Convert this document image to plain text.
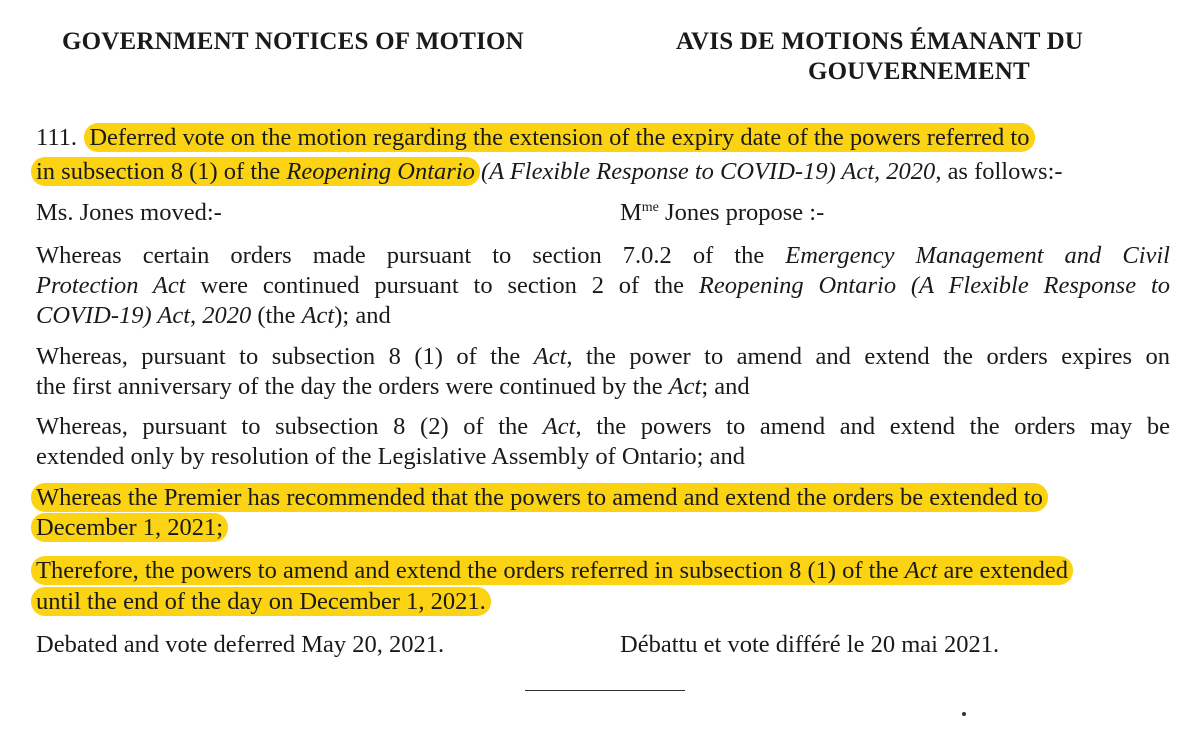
GOVERNMENT NOTICES OF MOTION	AVIS DE MOTIONS ÉMANANT DU
GOUVERNEMENT
111. Deferred vote on the motion regarding the extension of the expiry date of the powers referred to
in subsection 8 (1) of the Reopening Ontario (A Flexible Response to COVID-19) Act, 2020, as follows:-
Ms. Jones moved:-	$M^{me}$ Jones propose :-
Whereas certain orders made pursuant to section 7.0.2 of the Emergency Management and Civil
Protection Act were continued pursuant to section 2 of the Reopening Ontario (A Flexible Response to
COVID-19) Act, 2020 (the Act); and
Whereas, pursuant to subsection 8 (1) of the Act, the power to amend and extend the orders expires on
the first anniversary of the day the orders were continued by the Act; and
Whereas, pursuant to subsection 8 (2) of the Act, the powers to amend and extend the orders may be
extended only by resolution of the Legislative Assembly of Ontario; and
Whereas the Premier has recommended that the powers to amend and extend the orders be extended to
December 1, 2021;
Therefore, the powers to amend and extend the orders referred in subsection 8 (1) of the Act are extended
until the end of the day on December 1, 2021.
Debated and vote deferred May 20, 2021.	Débattu et vote différé le 20 mai 2021.
